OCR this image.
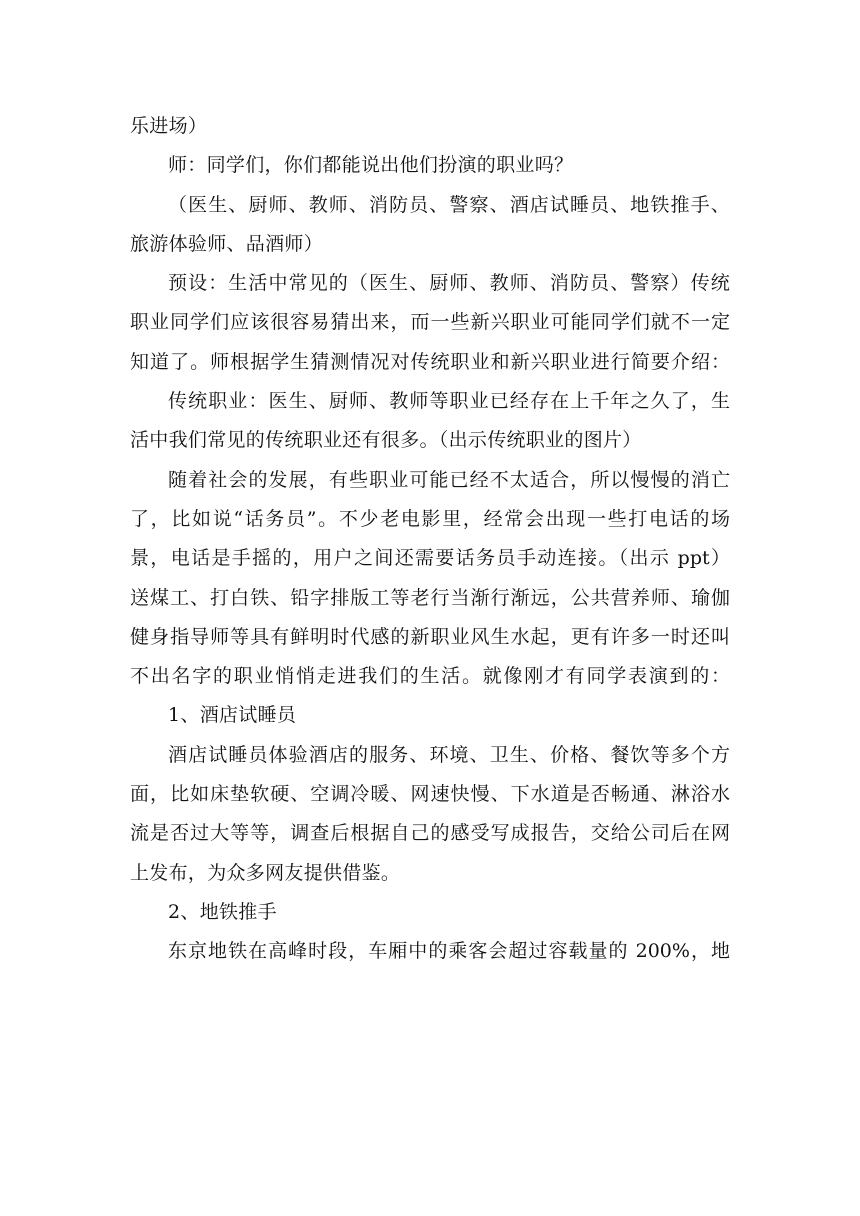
乐进场）
师：同学们，你们都能说出他们扮演的职业吗？
（医生、厨师、教师、消防员、警察、酒店试睡员、地铁推手、
旅游体验师、品酒师）
预设：生活中常见的（医生、厨师、教师、消防员、警察）传统
职业同学们应该很容易猜出来，而一些新兴职业可能同学们就不一定
知道了。师根据学生猜测情况对传统职业和新兴职业进行简要介绍：
传统职业：医生、厨师、教师等职业已经存在上千年之久了，生
活中我们常见的传统职业还有很多。（出示传统职业的图片）
随着社会的发展，有些职业可能已经不太适合，所以慢慢的消亡
了，比如说“话务员”。不少老电影里，经常会出现一些打电话的场
景，电话是手摇的，用户之间还需要话务员手动连接。（出示 ppt）
送煤工、打白铁、铅字排版工等老行当渐行渐远，公共营养师、瑜伽
健身指导师等具有鲜明时代感的新职业风生水起，更有许多一时还叫
不出名字的职业悄悄走进我们的生活。就像刚才有同学表演到的：
1、酒店试睡员
酒店试睡员体验酒店的服务、环境、卫生、价格、餐饮等多个方
面，比如床垫软硬、空调冷暖、网速快慢、下水道是否畅通、淋浴水
流是否过大等等，调查后根据自己的感受写成报告，交给公司后在网
上发布，为众多网友提供借鉴。
2、地铁推手
东京地铁在高峰时段，车厢中的乘客会超过容载量的 200%，地
